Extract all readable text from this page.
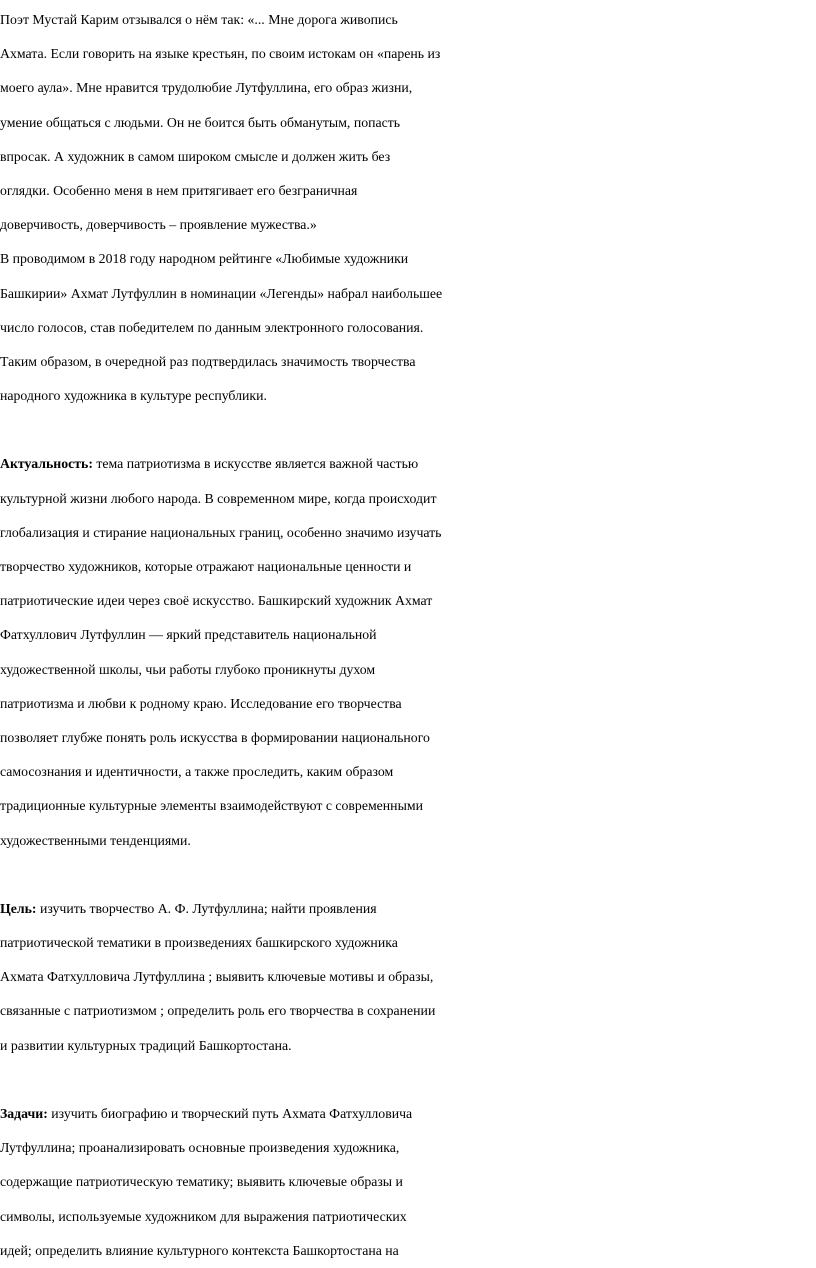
Поэт Мустай Карим отзывался о нём так: «... Мне дорога живопись
Ахмата. Если говорить на языке крестьян, по своим истокам он «парень из
моего аула». Мне нравится трудолюбие Лутфуллина, его образ жизни,
умение общаться с людьми. Он не боится быть обманутым, попасть
впросак. А художник в самом широком смысле и должен жить без
оглядки. Особенно меня в нем притягивает его безграничная
доверчивость, доверчивость – проявление мужества.»
В проводимом в 2018 году народном рейтинге «Любимые художники
Башкирии» Ахмат Лутфуллин в номинации «Легенды» набрал наибольшее
число голосов, став победителем по данным электронного голосования.
Таким образом, в очередной раз подтвердилась значимость творчества
народного художника в культуре республики.
Актуальность: тема патриотизма в искусстве является важной частью
культурной жизни любого народа. В современном мире, когда происходит
глобализация и стирание национальных границ, особенно значимо изучать
творчество художников, которые отражают национальные ценности и
патриотические идеи через своё искусство. Башкирский художник Ахмат
Фатхуллович Лутфуллин — яркий представитель национальной
художественной школы, чьи работы глубоко проникнуты духом
патриотизма и любви к родному краю. Исследование его творчества
позволяет глубже понять роль искусства в формировании национального
самосознания и идентичности, а также проследить, каким образом
традиционные культурные элементы взаимодействуют с современными
художественными тенденциями.
Цель: изучить творчество А. Ф. Лутфуллина; найти проявления
патриотической тематики в произведениях башкирского художника
Ахмата Фатхулловича Лутфуллина ; выявить ключевые мотивы и образы,
связанные с патриотизмом ; определить роль его творчества в сохранении
и развитии культурных традиций Башкортостана.
Задачи: изучить биографию и творческий путь Ахмата Фатхулловича
Лутфуллина; проанализировать основные произведения художника,
содержащие патриотическую тематику; выявить ключевые образы и
символы, используемые художником для выражения патриотических
идей; определить влияние культурного контекста Башкортостана на
